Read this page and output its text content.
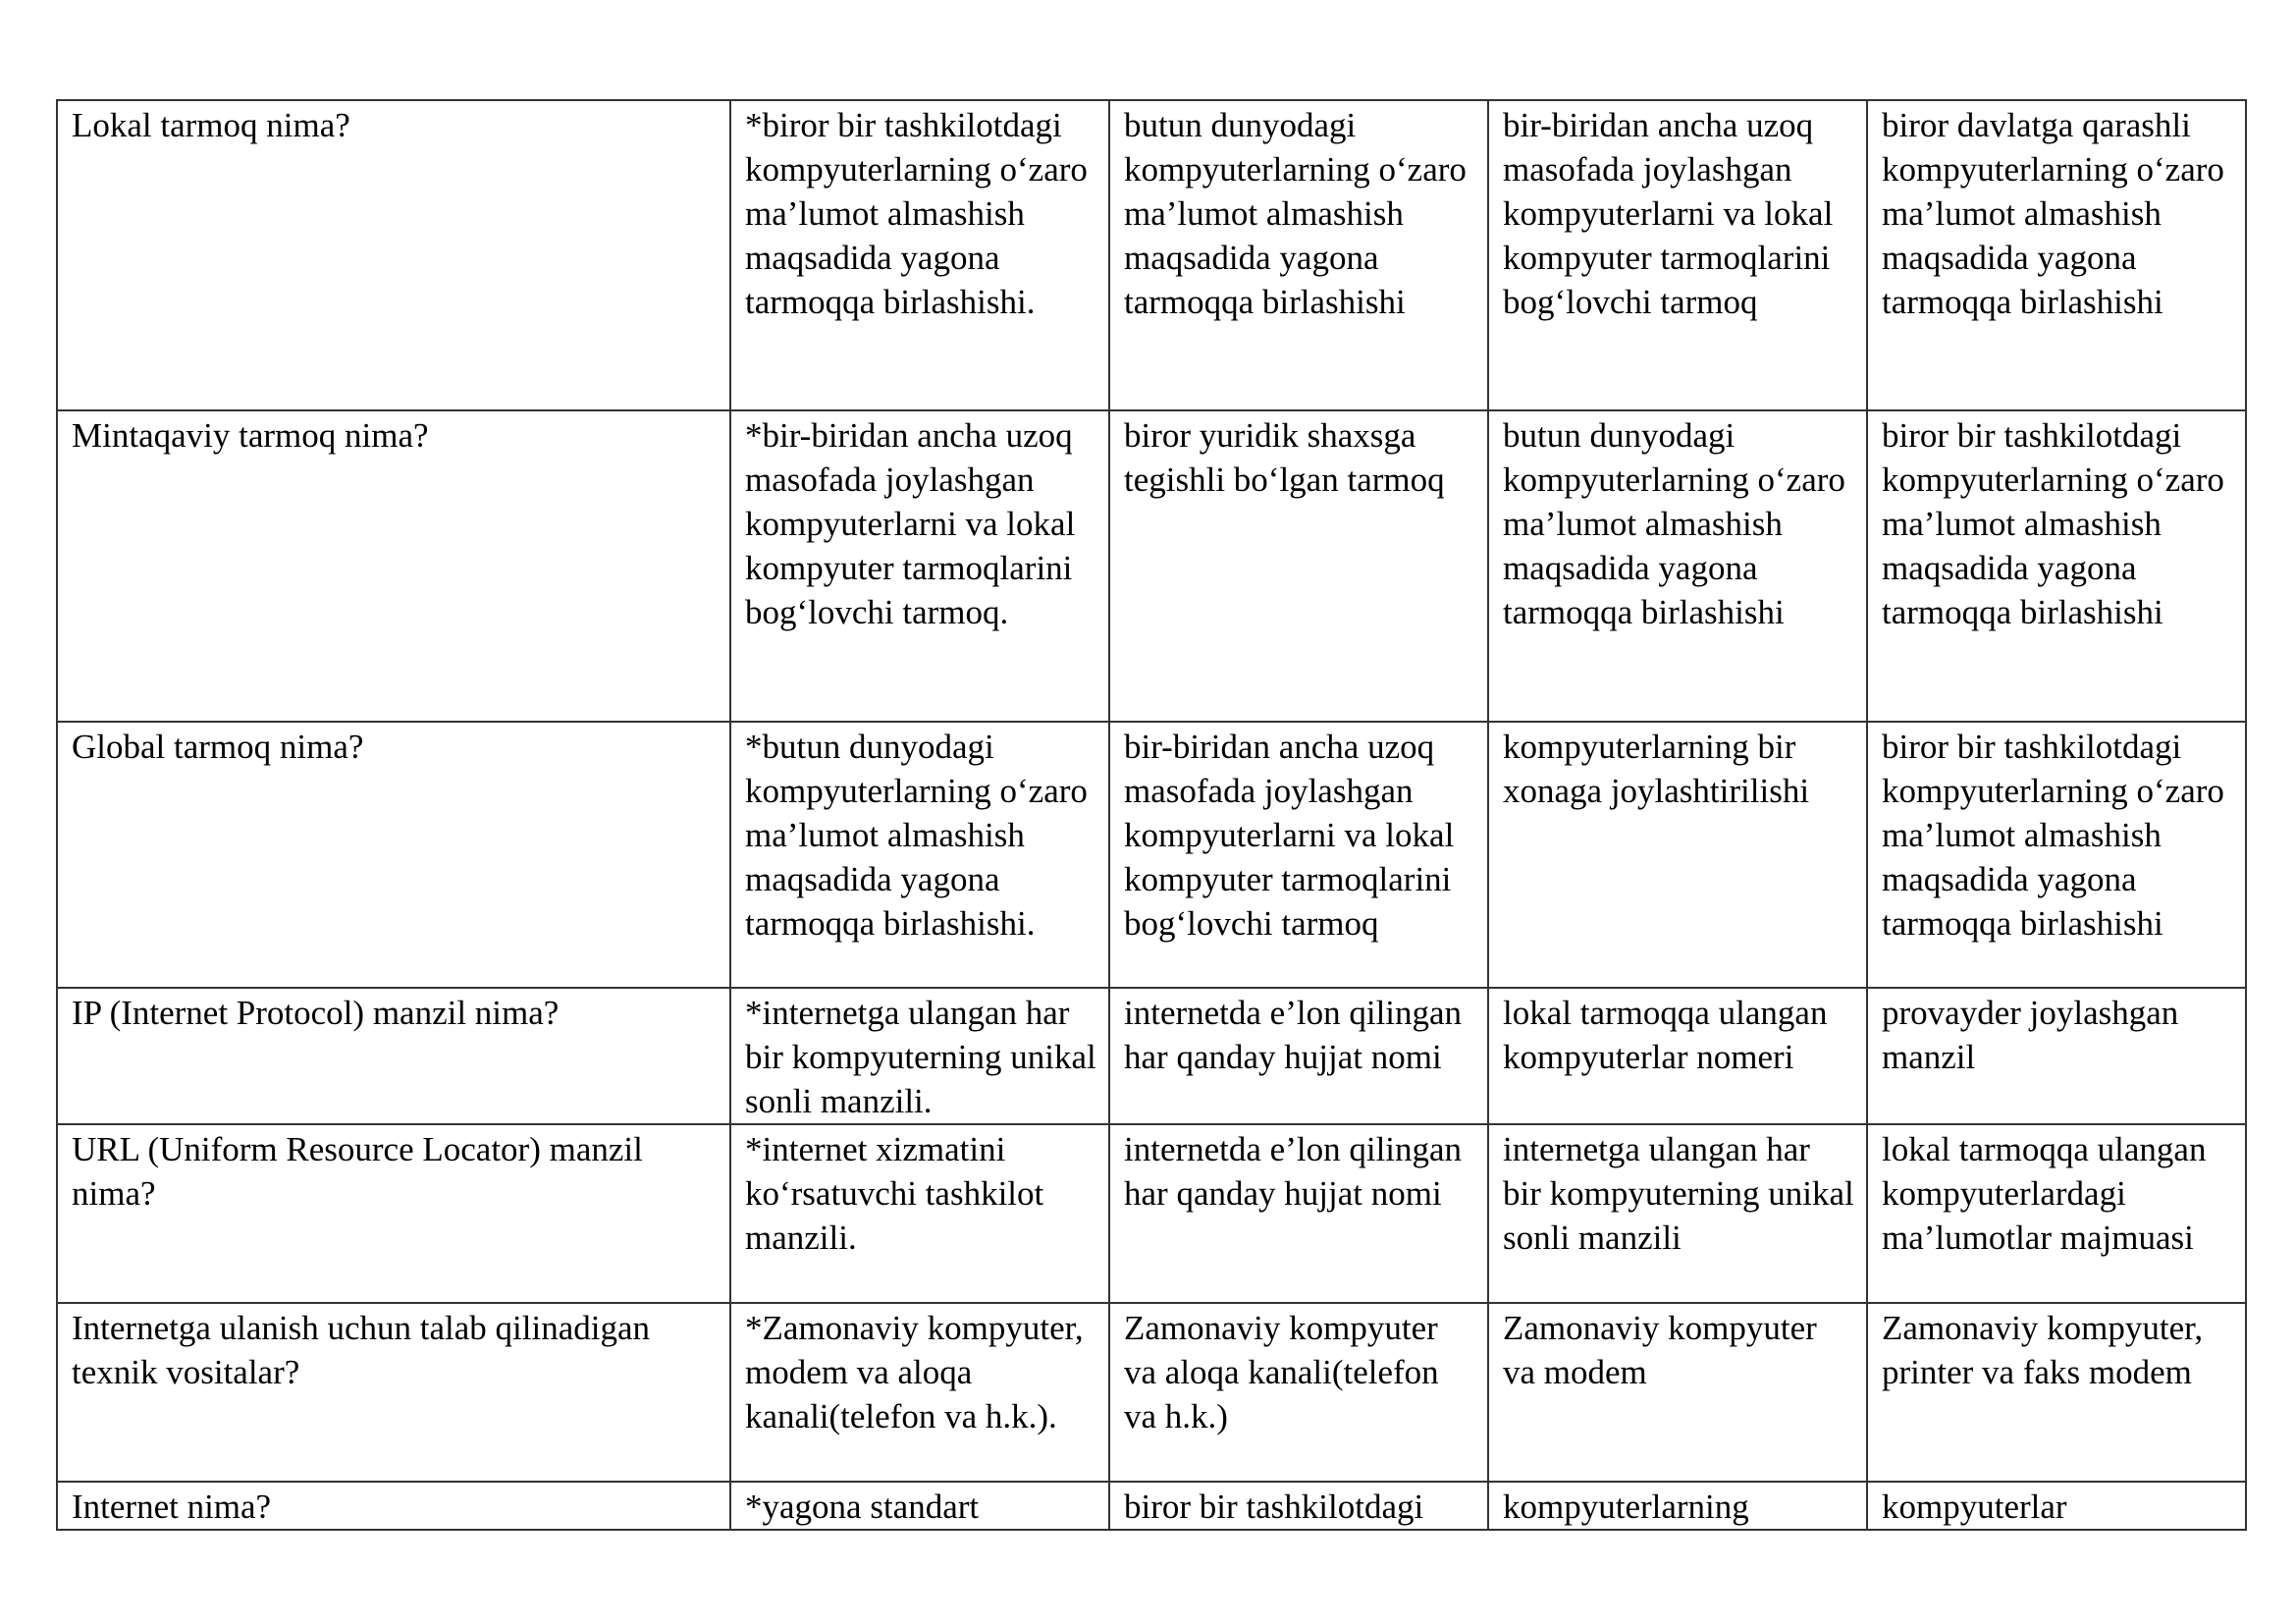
Lokal tarmoq nima?	*biror bir tashkilotdagi kompyuterlarning o‘zaro ma’lumot almashish maqsadida yagona tarmoqqa birlashishi.	butun dunyodagi kompyuterlarning o‘zaro ma’lumot almashish maqsadida yagona tarmoqqa birlashishi	bir-biridan ancha uzoq masofada joylashgan kompyuterlarni va lokal kompyuter tarmoqlarini bog‘lovchi tarmoq	biror davlatga qarashli kompyuterlarning o‘zaro ma’lumot almashish maqsadida yagona tarmoqqa birlashishi

Mintaqaviy tarmoq nima?	*bir-biridan ancha uzoq masofada joylashgan kompyuterlarni va lokal kompyuter tarmoqlarini bog‘lovchi tarmoq.	biror yuridik shaxsga tegishli bo‘lgan tarmoq	butun dunyodagi kompyuterlarning o‘zaro ma’lumot almashish maqsadida yagona tarmoqqa birlashishi	biror bir tashkilotdagi kompyuterlarning o‘zaro ma’lumot almashish maqsadida yagona tarmoqqa birlashishi

Global tarmoq nima?	*butun dunyodagi kompyuterlarning o‘zaro ma’lumot almashish maqsadida yagona tarmoqqa birlashishi.	bir-biridan ancha uzoq masofada joylashgan kompyuterlarni va lokal kompyuter tarmoqlarini bog‘lovchi tarmoq	kompyuterlarning bir xonaga joylashtirilishi	biror bir tashkilotdagi kompyuterlarning o‘zaro ma’lumot almashish maqsadida yagona tarmoqqa birlashishi

IP (Internet Protocol) manzil nima?	*internetga ulangan har bir kompyuterning unikal sonli manzili.	internetda e’lon qilingan har qanday hujjat nomi	lokal tarmoqqa ulangan kompyuterlar nomeri	provayder joylashgan manzil

URL (Uniform Resource Locator) manzil nima?	*internet xizmatini ko‘rsatuvchi tashkilot manzili.	internetda e’lon qilingan har qanday hujjat nomi	internetga ulangan har bir kompyuterning unikal sonli manzili	lokal tarmoqqa ulangan kompyuterlardagi ma’lumotlar majmuasi

Internetga ulanish uchun talab qilinadigan texnik vositalar?	*Zamonaviy kompyuter, modem va aloqa kanali(telefon va h.k.).	Zamonaviy kompyuter va aloqa kanali(telefon va h.k.)	Zamonaviy kompyuter va modem	Zamonaviy kompyuter, printer va faks modem

Internet nima?	*yagona standart	biror bir tashkilotdagi	kompyuterlarning	kompyuterlar
